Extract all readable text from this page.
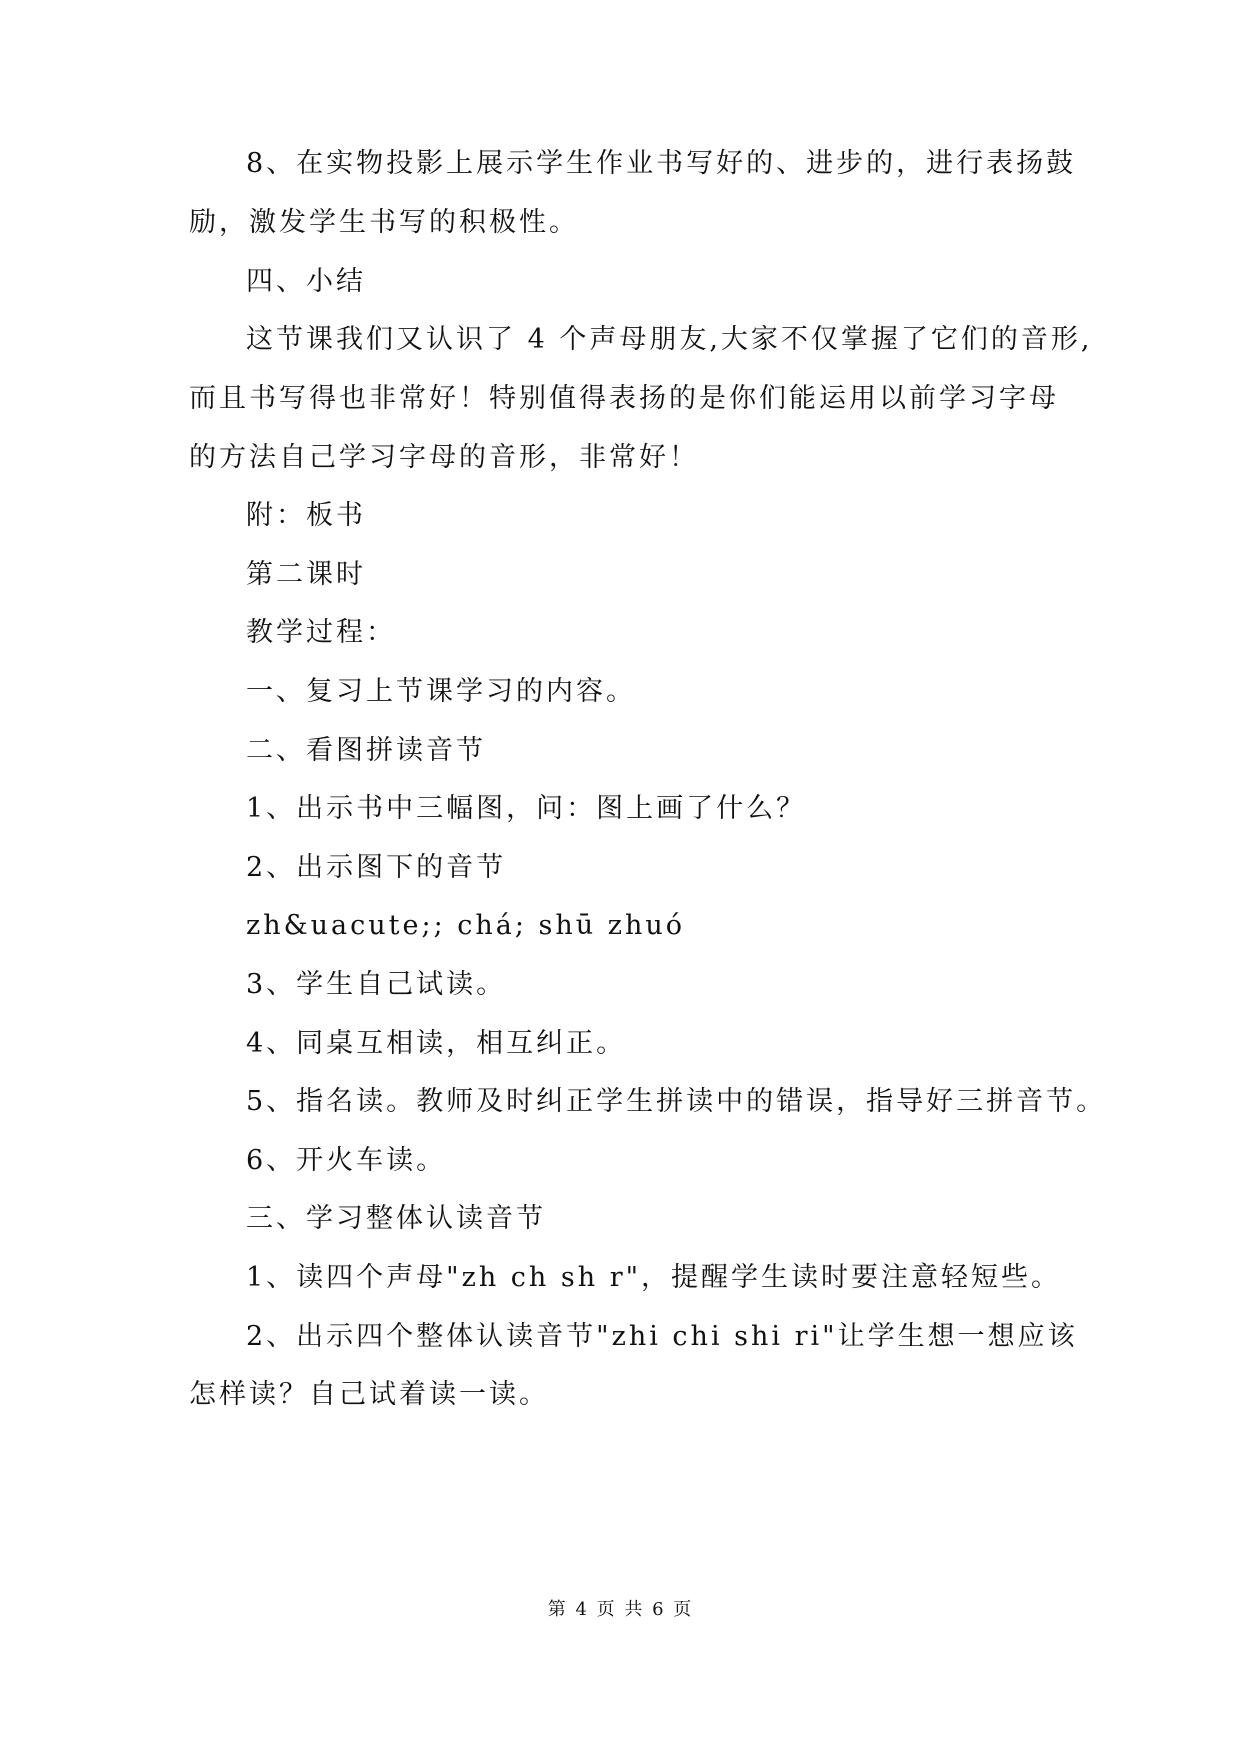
8、在实物投影上展示学生作业书写好的、进步的，进行表扬鼓
励，激发学生书写的积极性。
四、小结
这节课我们又认识了 4 个声母朋友,大家不仅掌握了它们的音形,
而且书写得也非常好！特别值得表扬的是你们能运用以前学习字母
的方法自己学习字母的音形，非常好！
附：板书
第二课时
教学过程：
一、复习上节课学习的内容。
二、看图拼读音节
1、出示书中三幅图，问：图上画了什么？
2、出示图下的音节
zh&uacute;; chá; shū zhuó
3、学生自己试读。
4、同桌互相读，相互纠正。
5、指名读。教师及时纠正学生拼读中的错误，指导好三拼音节。
6、开火车读。
三、学习整体认读音节
1、读四个声母"zh ch sh r"，提醒学生读时要注意轻短些。
2、出示四个整体认读音节"zhi chi shi ri"让学生想一想应该
怎样读？自己试着读一读。
第 4 页 共 6 页
